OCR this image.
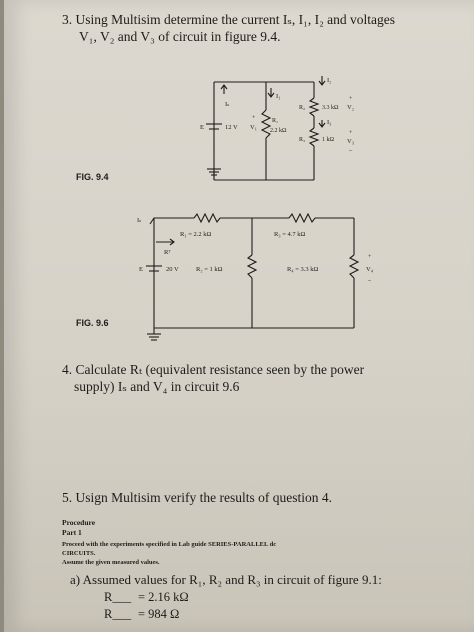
3. Using Multisim determine the current Iₛ, I₁, I₂ and voltages
V₁, V₂ and V₃ of circuit in figure 9.4.
E	12 V
Iₛ
I₁
I₂
I₃
V₁
V₂
V₃
R₁
2.2 kΩ
R₂	3.3 kΩ
R₃	1 kΩ
+
+
+
–
FIG. 9.4
Iₛ
R₁ = 2.2 kΩ	R₃ = 4.7 kΩ
Rᵀ
E	20 V	R₂ = 1 kΩ	R₄ = 3.3 kΩ	V₄
+
–
FIG. 9.6
4. Calculate Rₜ (equivalent resistance seen by the power
supply) Iₛ and V₄ in circuit 9.6
5. Usign Multisim verify the results of question 4.
Procedure
Part 1
Proceed with the experiments specified in Lab guide SERIES-PARALLEL dc
CIRCUITS.
Assume the given measured values.
a) Assumed values for R₁, R₂ and R₃ in circuit of figure 9.1:
R___ = 2.16 kΩ
R___ = 984 Ω
